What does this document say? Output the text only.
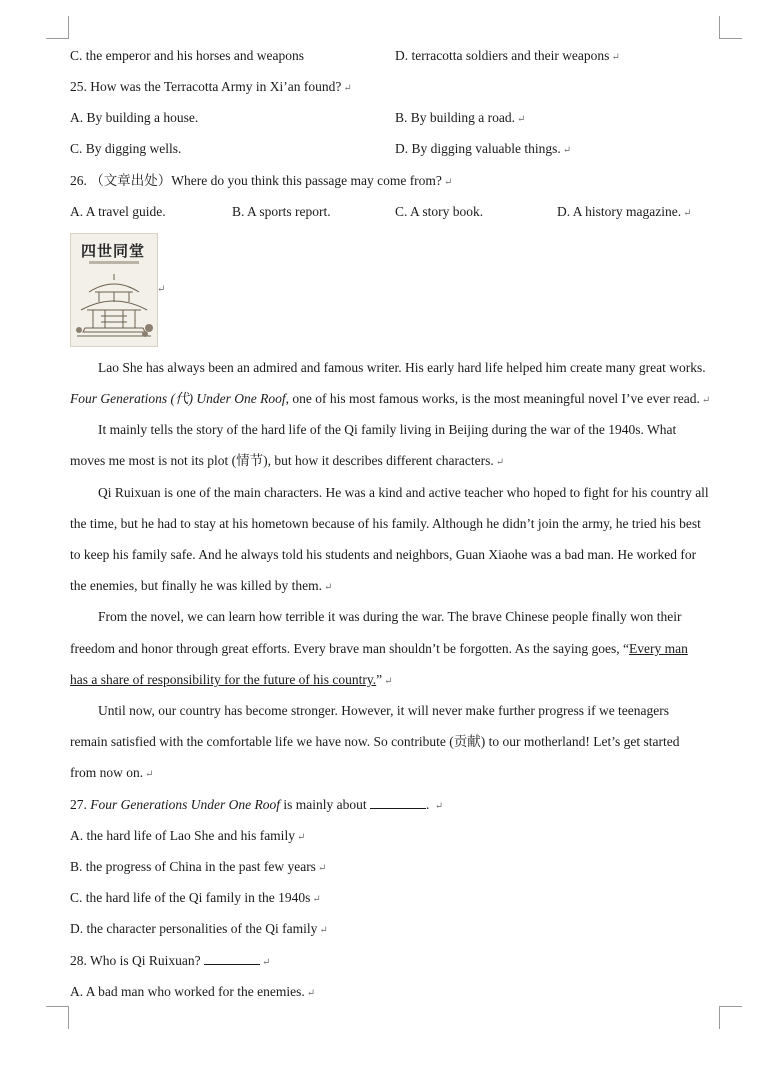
C. the emperor and his horses and weapons	D. terracotta soldiers and their weapons ↵
25. How was the Terracotta Army in Xi’an found? ↵
A. By building a house.	B. By building a road. ↵
C. By digging wells.	D. By digging valuable things. ↵
26. （文章出处）Where do you think this passage may come from? ↵
A. A travel guide.	B. A sports report.	C. A story book.	D. A history magazine. ↵
四世同堂
↵
Lao She has always been an admired and famous writer. His early hard life helped him create many great works.
Four Generations (代) Under One Roof, one of his most famous works, is the most meaningful novel I’ve ever read. ↵
It mainly tells the story of the hard life of the Qi family living in Beijing during the war of the 1940s. What
moves me most is not its plot (情节), but how it describes different characters. ↵
Qi Ruixuan is one of the main characters. He was a kind and active teacher who hoped to fight for his country all
the time, but he had to stay at his hometown because of his family. Although he didn’t join the army, he tried his best
to keep his family safe. And he always told his students and neighbors, Guan Xiaohe was a bad man. He worked for
the enemies, but finally he was killed by them. ↵
From the novel, we can learn how terrible it was during the war. The brave Chinese people finally won their
freedom and honor through great efforts. Every brave man shouldn’t be forgotten. As the saying goes, “Every man
has a share of responsibility for the future of his country.” ↵
Until now, our country has become stronger. However, it will never make further progress if we teenagers
remain satisfied with the comfortable life we have now. So contribute (贡献) to our motherland! Let’s get started
from now on. ↵
27. Four Generations Under One Roof is mainly about	. ↵
A. the hard life of Lao She and his family ↵
B. the progress of China in the past few years ↵
C. the hard life of the Qi family in the 1940s ↵
D. the character personalities of the Qi family ↵
28. Who is Qi Ruixuan?	↵
A. A bad man who worked for the enemies. ↵
